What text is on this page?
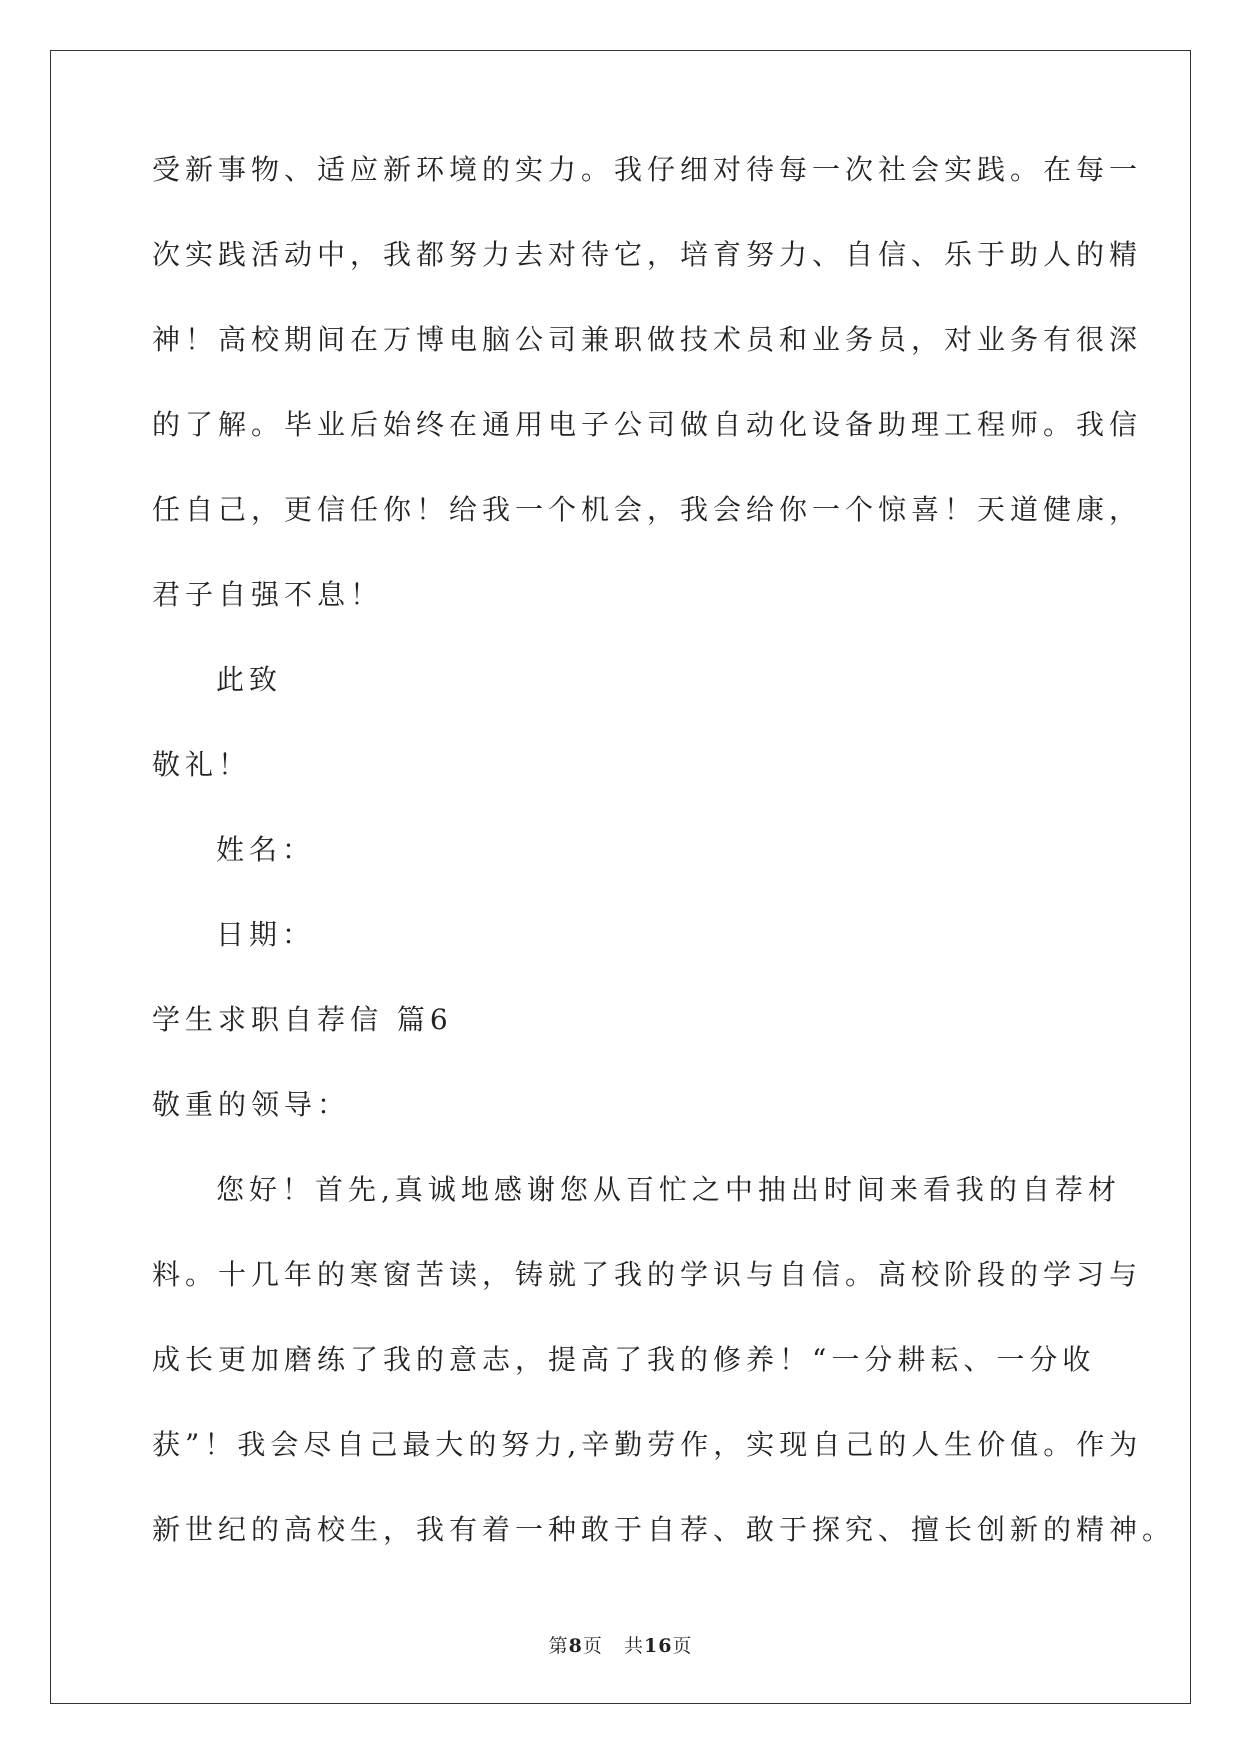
受新事物、适应新环境的实力。我仔细对待每一次社会实践。在每一
次实践活动中，我都努力去对待它，培育努力、自信、乐于助人的精
神！高校期间在万博电脑公司兼职做技术员和业务员，对业务有很深
的了解。毕业后始终在通用电子公司做自动化设备助理工程师。我信
任自己，更信任你！给我一个机会，我会给你一个惊喜！天道健康，
君子自强不息！
此致
敬礼！
姓名：
日期：
学生求职自荐信 篇6
敬重的领导：
您好！首先,真诚地感谢您从百忙之中抽出时间来看我的自荐材
料。十几年的寒窗苦读，铸就了我的学识与自信。高校阶段的学习与
成长更加磨练了我的意志，提高了我的修养！“一分耕耘、一分收
获”！我会尽自己最大的努力,辛勤劳作，实现自己的人生价值。作为
新世纪的高校生，我有着一种敢于自荐、敢于探究、擅长创新的精神。
第8页 共16页
